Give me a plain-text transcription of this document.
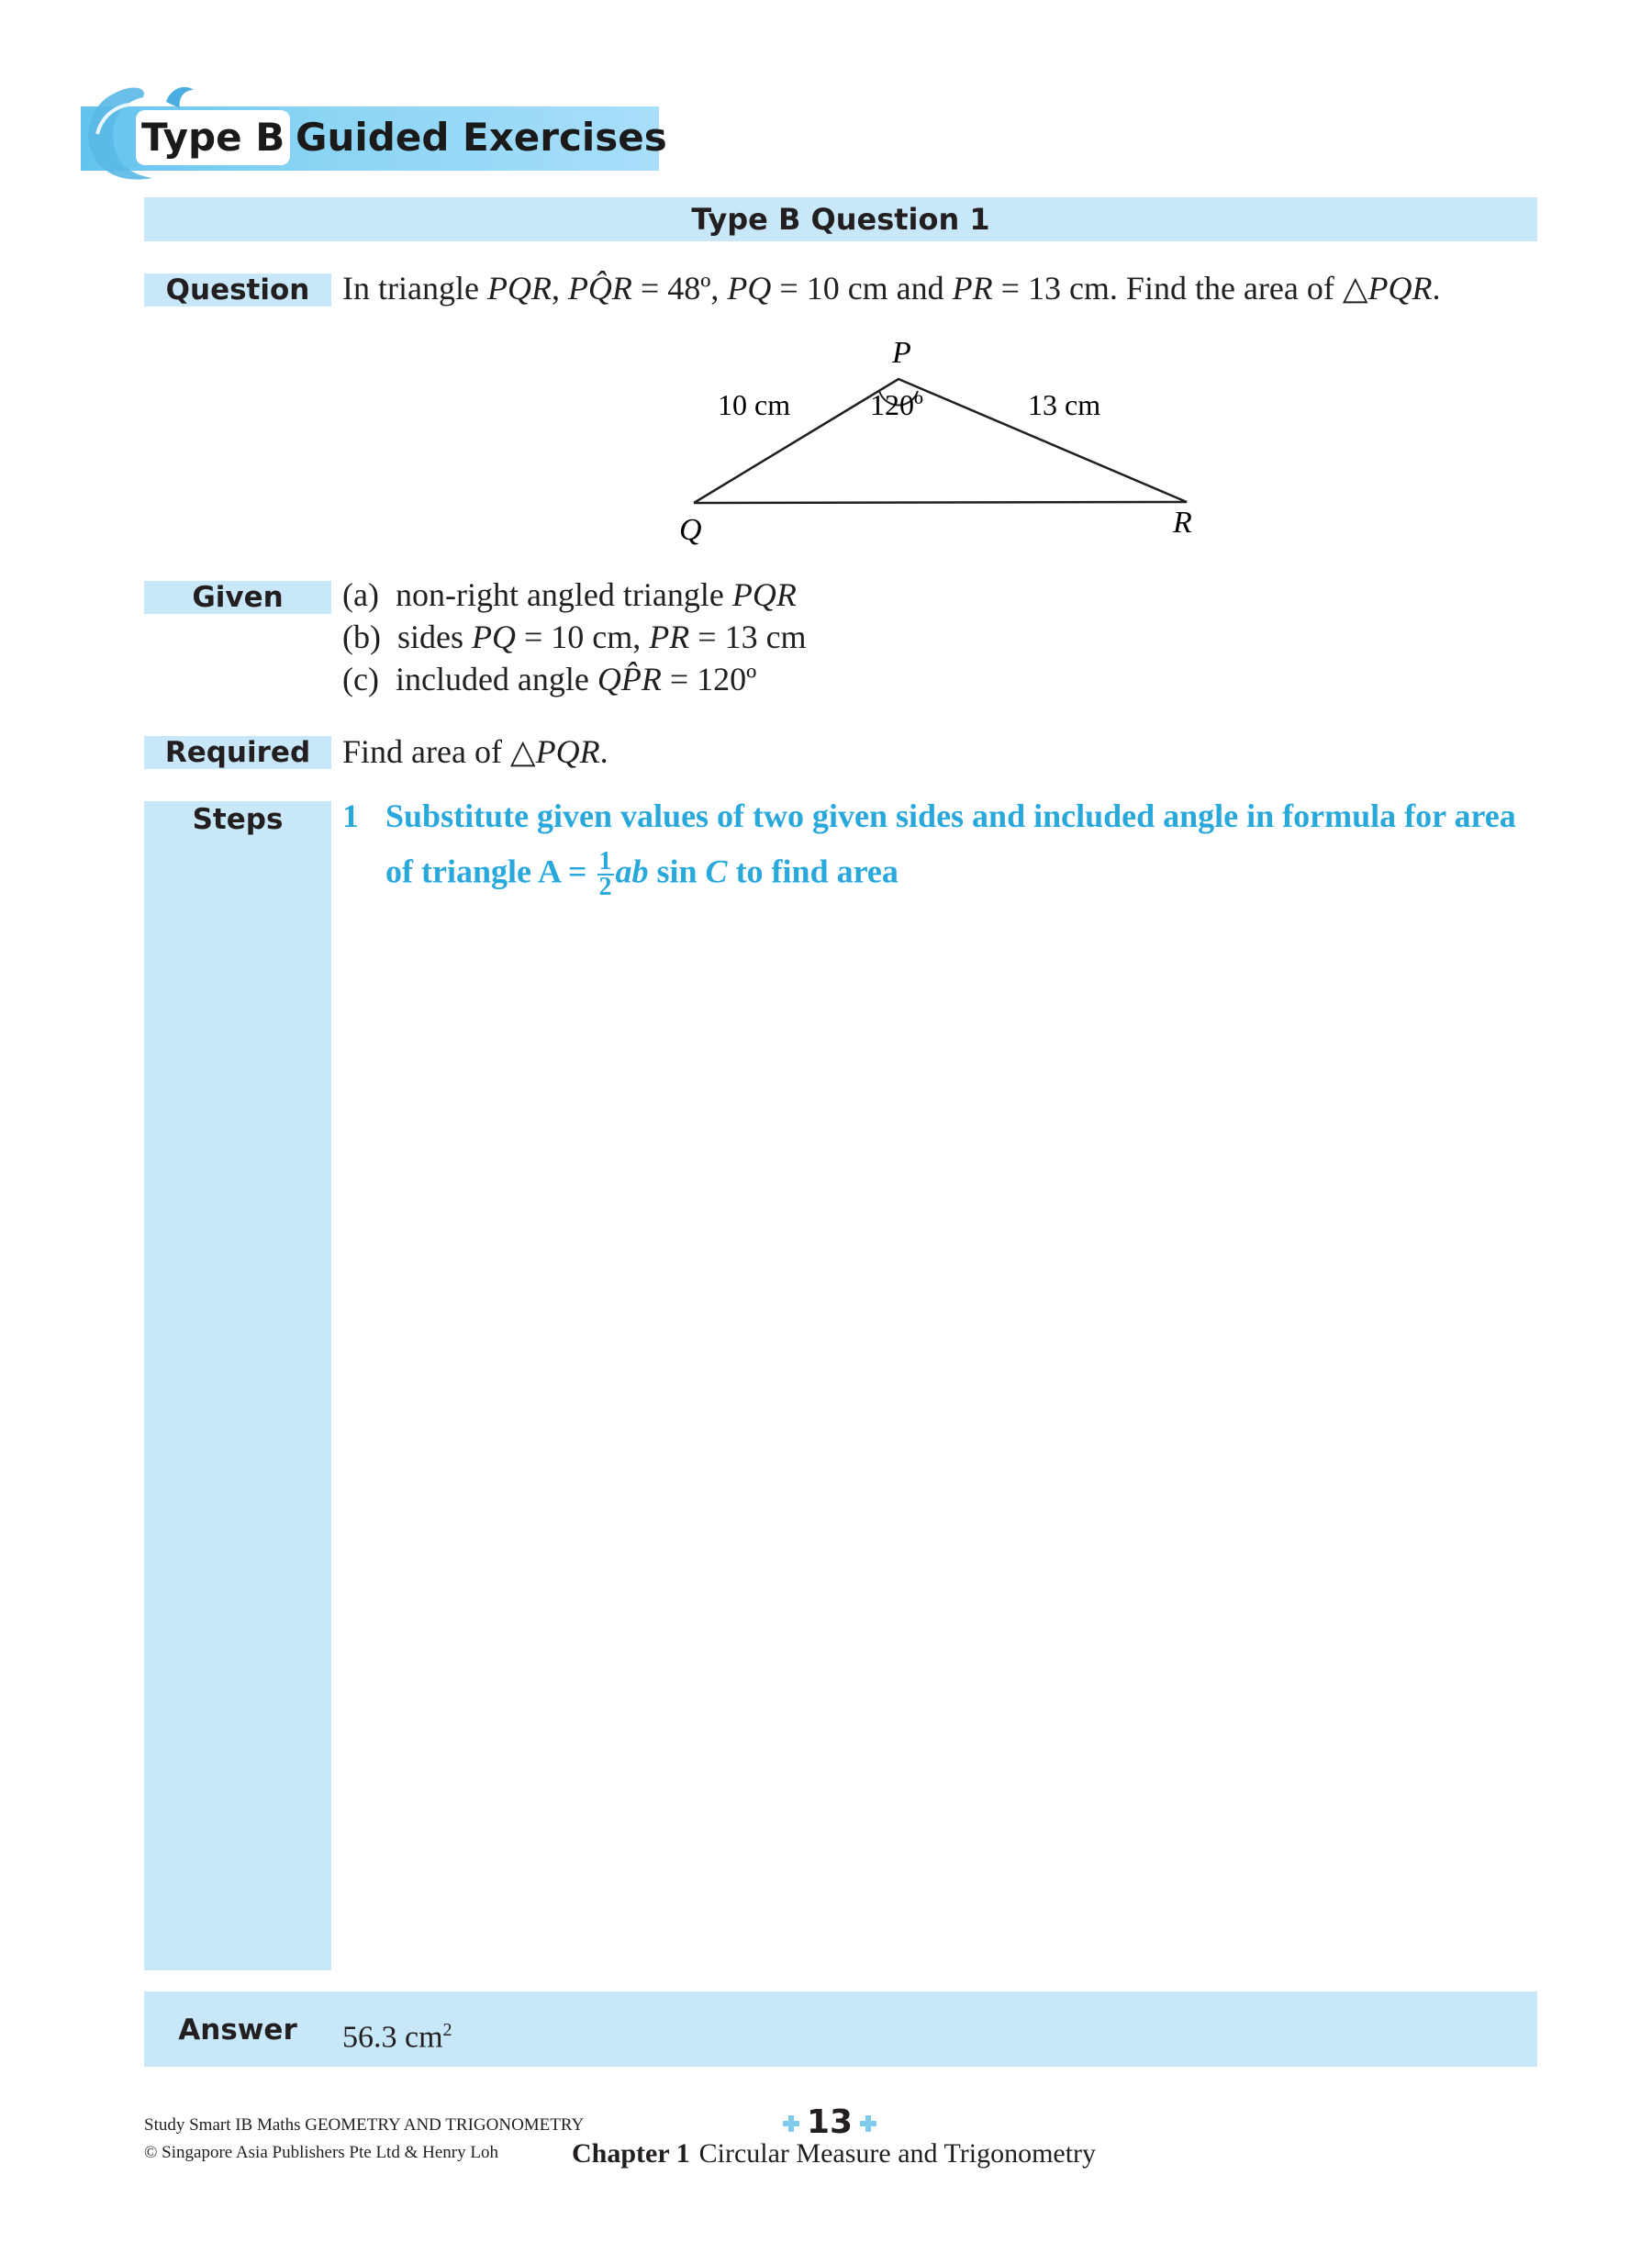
Type B Guided Exercises
Type B Question 1
Question In triangle PQR, PQ̂R = 48º, PQ = 10 cm and PR = 13 cm. Find the area of △PQR.
P
Q	R
10 cm	120º	13 cm
Given	(a)  non-right angled triangle PQR
(b)  sides PQ = 10 cm, PR = 13 cm
(c)  included angle QP̂R = 120º
Required Find area of △PQR.
Steps	1 Substitute given values of two given sides and included angle in formula for area
of triangle $A = \frac{1}{2}$ ab sin C to find area
Answer	56.3 $cm^2$
Study Smart IB Maths GEOMETRY AND TRIGONOMETRY
© Singapore Asia Publishers Pte Ltd & Henry Loh
13
Chapter 1 Circular Measure and Trigonometry
